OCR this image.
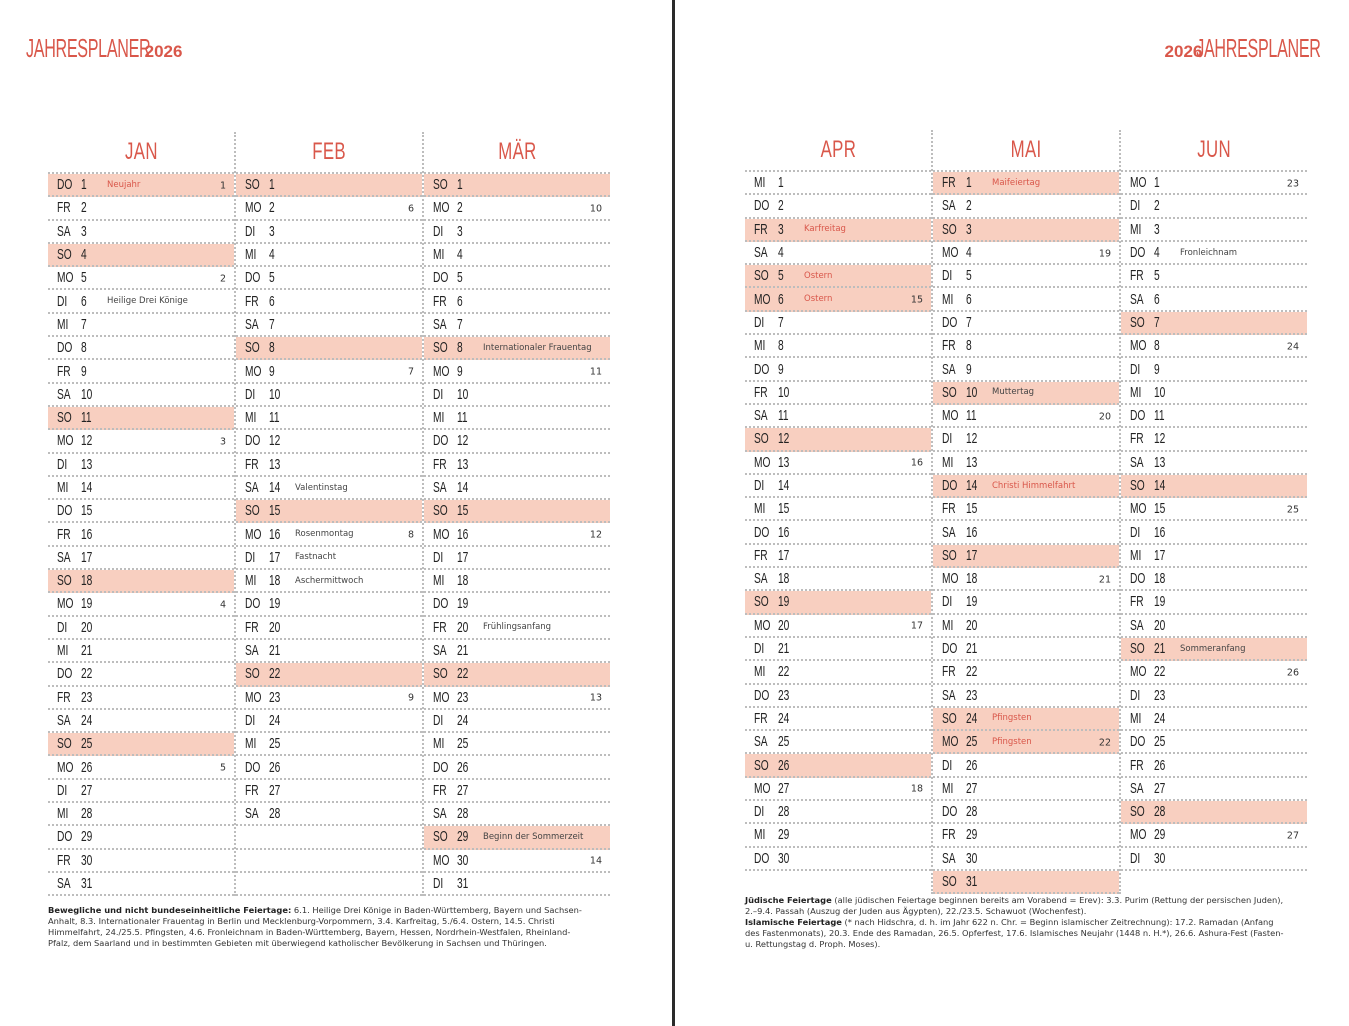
JAHRESPLANER
2026	2026
JAHRESPLANER
JAN
DO 1	Neujahr	1
FR 2
SA 3
SO 4
MO 5	2
DI 6	Heilige Drei Könige
MI 7
DO 8
FR 9
SA 10
SO 11
MO 12	3
DI 13
MI 14
DO 15
FR 16
SA 17
SO 18
MO 19	4
DI 20
MI 21
DO 22
FR 23
SA 24
SO 25
MO 26	5
DI 27
MI 28
DO 29
FR 30
SA 31
FEB
SO 1
MO 2	6
DI 3
MI 4
DO 5
FR 6
SA 7
SO 8
MO 9	7
DI 10
MI 11
DO 12
FR 13
SA 14	Valentinstag
SO 15
MO 16	Rosenmontag	8
DI 17	Fastnacht
MI 18	Aschermittwoch
DO 19
FR 20
SA 21
SO 22
MO 23	9
DI 24
MI 25
DO 26
FR 27
SA 28
MÄR
SO 1
MO 2	10
DI 3
MI 4
DO 5
FR 6
SA 7
SO 8	Internationaler Frauentag
MO 9	11
DI 10
MI 11
DO 12
FR 13
SA 14
SO 15
MO 16	12
DI 17
MI 18
DO 19
FR 20	Frühlingsanfang
SA 21
SO 22
MO 23	13
DI 24
MI 25
DO 26
FR 27
SA 28
SO 29	Beginn der Sommerzeit
MO 30	14
DI 31
APR
MI 1
DO 2
FR 3	Karfreitag
SA 4
SO 5	Ostern
MO 6	Ostern	15
DI 7
MI 8
DO 9
FR 10
SA 11
SO 12
MO 13	16
DI 14
MI 15
DO 16
FR 17
SA 18
SO 19
MO 20	17
DI 21
MI 22
DO 23
FR 24
SA 25
SO 26
MO 27	18
DI 28
MI 29
DO 30
MAI
FR 1	Maifeiertag
SA 2
SO 3
MO 4	19
DI 5
MI 6
DO 7
FR 8
SA 9
SO 10	Muttertag
MO 11	20
DI 12
MI 13
DO 14	Christi Himmelfahrt
FR 15
SA 16
SO 17
MO 18	21
DI 19
MI 20
DO 21
FR 22
SA 23
SO 24	Pfingsten
MO 25	Pfingsten	22
DI 26
MI 27
DO 28
FR 29
SA 30
SO 31
JUN
MO 1	23
DI 2
MI 3
DO 4	Fronleichnam
FR 5
SA 6
SO 7
MO 8	24
DI 9
MI 10
DO 11
FR 12
SA 13
SO 14
MO 15	25
DI 16
MI 17
DO 18
FR 19
SA 20
SO 21	Sommeranfang
MO 22	26
DI 23
MI 24
DO 25
FR 26
SA 27
SO 28
MO 29	27
DI 30
Bewegliche und nicht bundeseinheitliche Feiertage: 6.1. Heilige Drei Könige in Baden-Württemberg, Bayern und Sachsen-Anhalt, 8.3. Internationaler Frauentag in Berlin und Mecklenburg-Vorpommern, 3.4. Karfreitag, 5./6.4. Ostern, 14.5. Christi Himmelfahrt, 24./25.5. Pfingsten, 4.6. Fronleichnam in Baden-Württemberg, Bayern, Hessen, Nordrhein-Westfalen, Rheinland-Pfalz, dem Saarland und in bestimmten Gebieten mit überwiegend katholischer Bevölkerung in Sachsen und Thüringen.
Jüdische Feiertage (alle jüdischen Feiertage beginnen bereits am Vorabend = Erev): 3.3. Purim (Rettung der persischen Juden), 2.–9.4. Passah (Auszug der Juden aus Ägypten), 22./23.5. Schawuot (Wochenfest).
Islamische Feiertage (* nach Hidschra, d. h. im Jahr 622 n. Chr. = Beginn islamischer Zeitrechnung): 17.2. Ramadan (Anfang des Fastenmonats), 20.3. Ende des Ramadan, 26.5. Opferfest, 17.6. Islamisches Neujahr (1448 n. H.*), 26.6. Ashura-Fest (Fasten- u. Rettungstag d. Proph. Moses).
